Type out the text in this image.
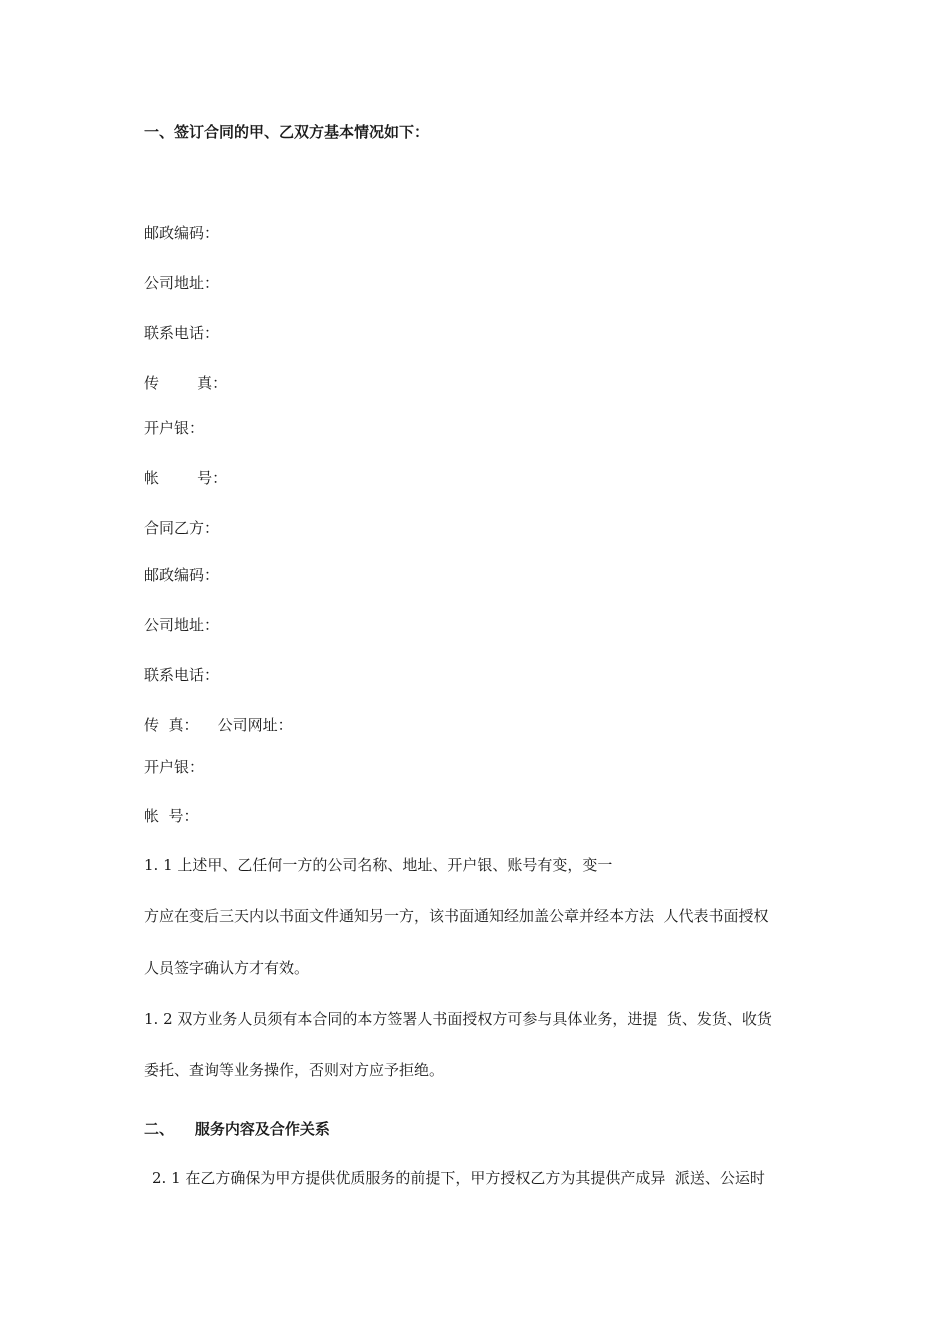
一、签订合同的甲、乙双方基本情况如下：
邮政编码：
公司地址：
联系电话：
传        真：
开户银：
帐        号：
合同乙方：
邮政编码：
公司地址：
联系电话：
传  真：    公司网址：
开户银：
帐  号：
1. 1 上述甲、乙任何一方的公司名称、地址、开户银、账号有变，变一
方应在变后三天内以书面文件通知另一方，该书面通知经加盖公章并经本方法  人代表书面授权
人员签字确认方才有效。
1. 2 双方业务人员须有本合同的本方签署人书面授权方可参与具体业务，进提  货、发货、收货
委托、查询等业务操作，否则对方应予拒绝。
二、    服务内容及合作关系
2. 1 在乙方确保为甲方提供优质服务的前提下，甲方授权乙方为其提供产成异  派送、公运时
